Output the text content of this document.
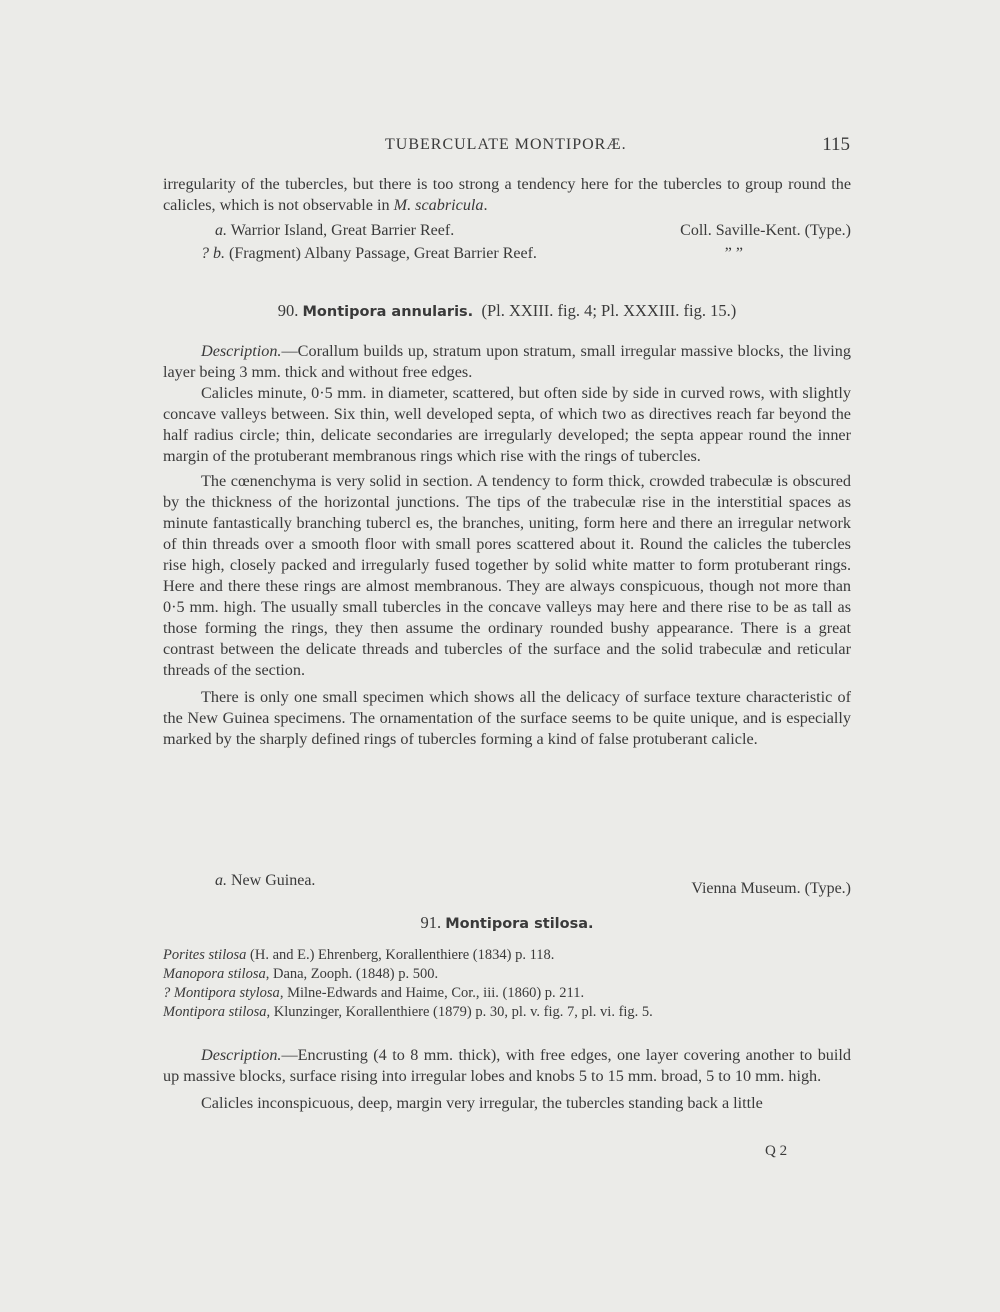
TUBERCULATE MONTIPORÆ.	115

irregularity of the tubercles, but there is too strong a tendency here for the tubercles to group round the calicles, which is not observable in M. scabricula.

a. Warrior Island, Great Barrier Reef.	Coll. Saville-Kent. (Type.)
? b. (Fragment) Albany Passage, Great Barrier Reef.	” ”
90. Montipora annularis. (Pl. XXIII. fig. 4; Pl. XXXIII. fig. 15.)

Description.—Corallum builds up, stratum upon stratum, small irregular massive blocks, the living layer being 3 mm. thick and without free edges.

Calicles minute, 0·5 mm. in diameter, scattered, but often side by side in curved rows, with slightly concave valleys between. Six thin, well developed septa, of which two as directives reach far beyond the half radius circle; thin, delicate secondaries are irregularly developed; the septa appear round the inner margin of the protuberant membranous rings which rise with the rings of tubercles.

The cœnenchyma is very solid in section. A tendency to form thick, crowded trabeculæ is obscured by the thickness of the horizontal junctions. The tips of the trabeculæ rise in the interstitial spaces as minute fantastically branching tubercl es, the branches, uniting, form here and there an irregular network of thin threads over a smooth floor with small pores scattered about it. Round the calicles the tubercles rise high, closely packed and irregularly fused together by solid white matter to form protuberant rings. Here and there these rings are almost membranous. They are always conspicuous, though not more than 0·5 mm. high. The usually small tubercles in the concave valleys may here and there rise to be as tall as those forming the rings, they then assume the ordinary rounded bushy appearance. There is a great contrast between the delicate threads and tubercles of the surface and the solid trabeculæ and reticular threads of the section.

There is only one small specimen which shows all the delicacy of surface texture characteristic of the New Guinea specimens. The ornamentation of the surface seems to be quite unique, and is especially marked by the sharply defined rings of tubercles forming a kind of false protuberant calicle.

a. New Guinea.	Vienna Museum. (Type.)
91. Montipora stilosa.
Porites stilosa (H. and E.) Ehrenberg, Korallenthiere (1834) p. 118.
Manopora stilosa, Dana, Zooph. (1848) p. 500.
? Montipora stylosa, Milne-Edwards and Haime, Cor., iii. (1860) p. 211.
Montipora stilosa, Klunzinger, Korallenthiere (1879) p. 30, pl. v. fig. 7, pl. vi. fig. 5.

Description.—Encrusting (4 to 8 mm. thick), with free edges, one layer covering another to build up massive blocks, surface rising into irregular lobes and knobs 5 to 15 mm. broad, 5 to 10 mm. high.

Calicles inconspicuous, deep, margin very irregular, the tubercles standing back a little

Q 2
